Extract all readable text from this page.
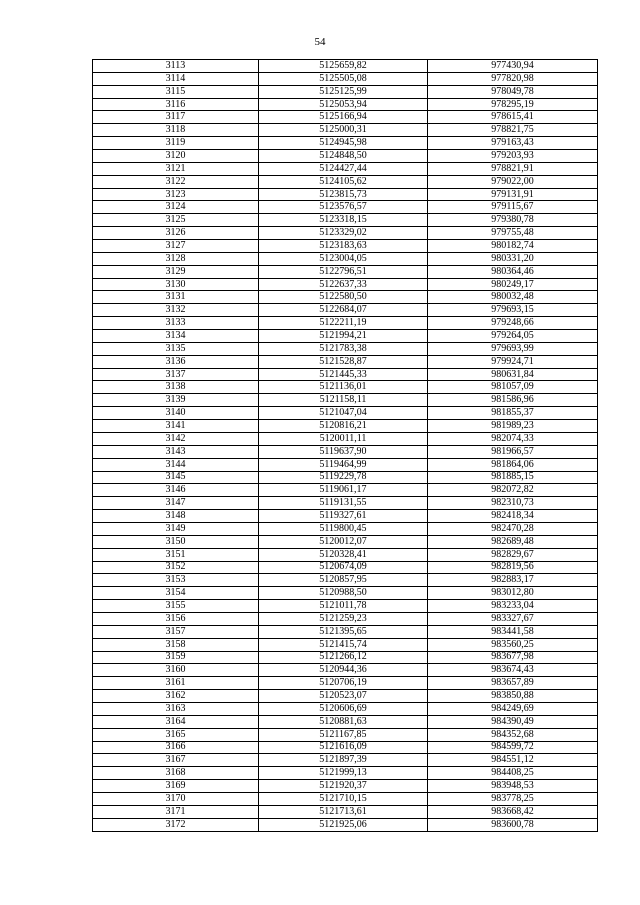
54
3113	5125659,82	977430,94
3114	5125505,08	977820,98
3115	5125125,99	978049,78
3116	5125053,94	978295,19
3117	5125166,94	978615,41
3118	5125000,31	978821,75
3119	5124945,98	979163,43
3120	5124848,50	979203,93
3121	5124427,44	978821,91
3122	5124105,62	979022,00
3123	5123815,73	979131,91
3124	5123576,57	979115,67
3125	5123318,15	979380,78
3126	5123329,02	979755,48
3127	5123183,63	980182,74
3128	5123004,05	980331,20
3129	5122796,51	980364,46
3130	5122637,33	980249,17
3131	5122580,50	980032,48
3132	5122684,07	979693,15
3133	5122211,19	979248,66
3134	5121994,21	979264,05
3135	5121783,38	979693,99
3136	5121528,87	979924,71
3137	5121445,33	980631,84
3138	5121136,01	981057,09
3139	5121158,11	981586,96
3140	5121047,04	981855,37
3141	5120816,21	981989,23
3142	5120011,11	982074,33
3143	5119637,90	981966,57
3144	5119464,99	981864,06
3145	5119229,78	981885,15
3146	5119061,17	982072,82
3147	5119131,55	982310,73
3148	5119327,61	982418,34
3149	5119800,45	982470,28
3150	5120012,07	982689,48
3151	5120328,41	982829,67
3152	5120674,09	982819,56
3153	5120857,95	982883,17
3154	5120988,50	983012,80
3155	5121011,78	983233,04
3156	5121259,23	983327,67
3157	5121395,65	983441,58
3158	5121415,74	983560,25
3159	5121266,12	983677,98
3160	5120944,36	983674,43
3161	5120706,19	983657,89
3162	5120523,07	983850,88
3163	5120606,69	984249,69
3164	5120881,63	984390,49
3165	5121167,85	984352,68
3166	5121616,09	984599,72
3167	5121897,39	984551,12
3168	5121999,13	984408,25
3169	5121920,37	983948,53
3170	5121710,15	983778,25
3171	5121713,61	983668,42
3172	5121925,06	983600,78
